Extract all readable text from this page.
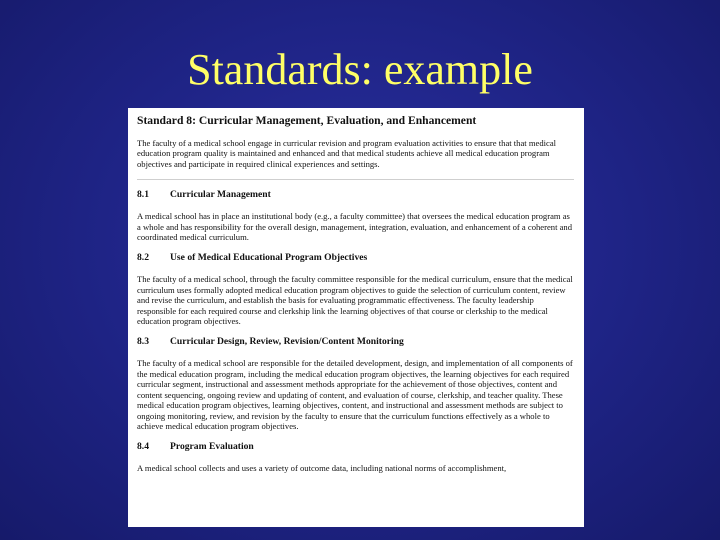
Standards: example
Standard 8: Curricular Management, Evaluation, and Enhancement

The faculty of a medical school engage in curricular revision and program evaluation activities to ensure that that medical education program quality is maintained and enhanced and that medical students achieve all medical education program objectives and participate in required clinical experiences and settings.

8.1	Curricular Management

A medical school has in place an institutional body (e.g., a faculty committee) that oversees the medical education program as a whole and has responsibility for the overall design, management, integration, evaluation, and enhancement of a coherent and coordinated medical curriculum.

8.2	Use of Medical Educational Program Objectives

The faculty of a medical school, through the faculty committee responsible for the medical curriculum, ensure that the medical curriculum uses formally adopted medical education program objectives to guide the selection of curriculum content, review and revise the curriculum, and establish the basis for evaluating programmatic effectiveness. The faculty leadership responsible for each required course and clerkship link the learning objectives of that course or clerkship to the medical education program objectives.

8.3	Curricular Design, Review, Revision/Content Monitoring

The faculty of a medical school are responsible for the detailed development, design, and implementation of all components of the medical education program, including the medical education program objectives, the learning objectives for each required curricular segment, instructional and assessment methods appropriate for the achievement of those objectives, content and content sequencing, ongoing review and updating of content, and evaluation of course, clerkship, and teacher quality. These medical education program objectives, learning objectives, content, and instructional and assessment methods are subject to ongoing monitoring, review, and revision by the faculty to ensure that the curriculum functions effectively as a whole to achieve medical education program objectives.

8.4	Program Evaluation

A medical school collects and uses a variety of outcome data, including national norms of accomplishment,
